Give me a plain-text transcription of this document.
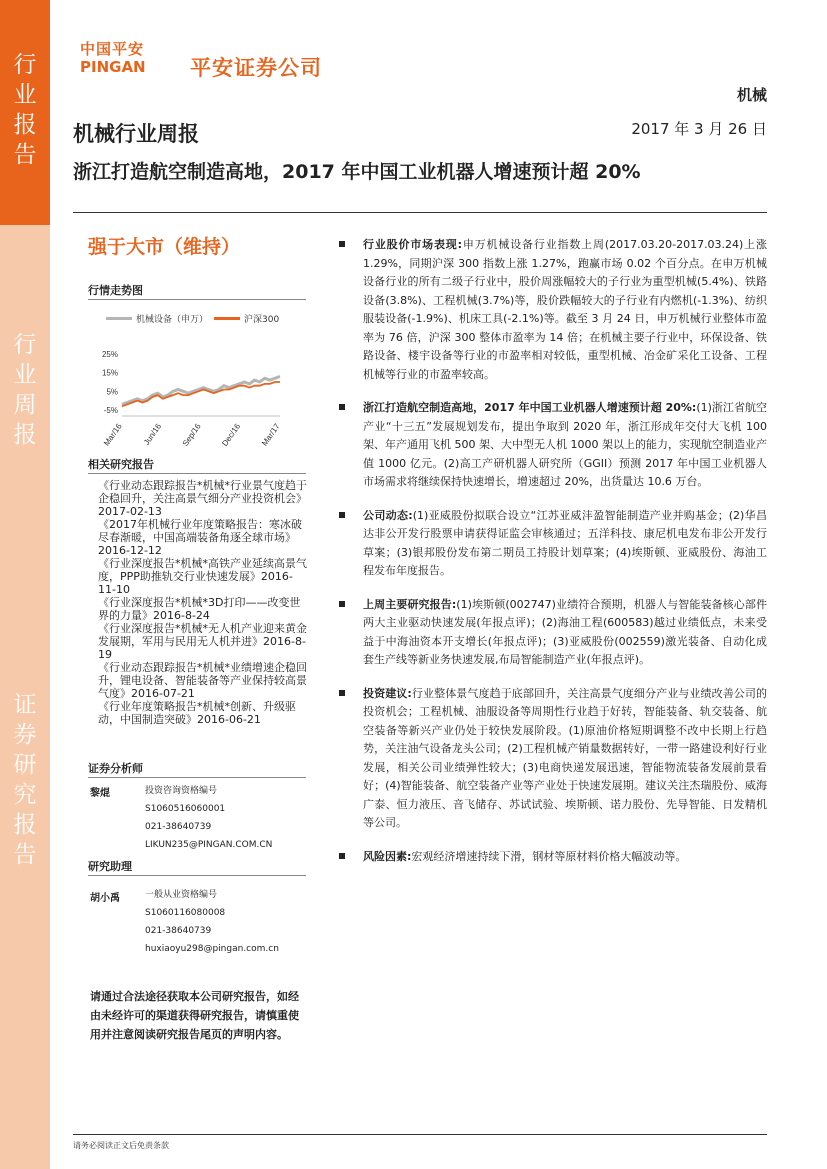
行
业
报
告
行
业
周
报
证
券
研
究
报
告
中国平安
PINGAN 平安证券公司
机械
2017 年 3 月 26 日
机械行业周报
浙江打造航空制造高地，2017 年中国工业机器人增速预计超 20%
强于大市（维持）
行情走势图
机械设备（申万）	沪深300
25%
15%
5%
-5%
Mar/16 Jun/16 Sep/16 Dec/16 Mar/17
相关研究报告
《行业动态跟踪报告*机械*行业景气度趋于企稳回升，关注高景气细分产业投资机会》
2017-02-13
《2017年机械行业年度策略报告：寒冰破尽春渐暖，中国高端装备角逐全球市场》2016-12-12
《行业深度报告*机械*高铁产业延续高景气度，PPP助推轨交行业快速发展》2016-11-10
《行业深度报告*机械*3D打印——改变世界的力量》2016-8-24
《行业深度报告*机械*无人机产业迎来黄金发展期，军用与民用无人机并进》2016-8-19
《行业动态跟踪报告*机械*业绩增速企稳回升，锂电设备、智能装备等产业保持较高景气度》2016-07-21
《行业年度策略报告*机械*创新、升级驱动，中国制造突破》2016-06-21
证券分析师
黎焜	投资咨询资格编号
S1060516060001
021-38640739
LIKUN235@PINGAN.COM.CN
研究助理
胡小禹	一般从业资格编号
S1060116080008
021-38640739
huxiaoyu298@pingan.com.cn
请通过合法途径获取本公司研究报告，如经由未经许可的渠道获得研究报告，请慎重使用并注意阅读研究报告尾页的声明内容。
行业股价市场表现:申万机械设备行业指数上周(2017.03.20-2017.03.24)上涨 1.29%，同期沪深 300 指数上涨 1.27%，跑赢市场 0.02 个百分点。在申万机械设备行业的所有二级子行业中，股价周涨幅较大的子行业为重型机械(5.4%)、铁路设备(3.8%)、工程机械(3.7%)等，股价跌幅较大的子行业有内燃机(-1.3%)、纺织服装设备(-1.9%)、机床工具(-2.1%)等。截至 3 月 24 日，申万机械行业整体市盈率为 76 倍，沪深 300 整体市盈率为 14 倍；在机械主要子行业中，环保设备、铁路设备、楼宇设备等行业的市盈率相对较低，重型机械、冶金矿采化工设备、工程机械等行业的市盈率较高。
浙江打造航空制造高地，2017 年中国工业机器人增速预计超 20%:(1)浙江省航空产业“十三五”发展规划发布，提出争取到 2020 年，浙江形成年交付大飞机 100 架、年产通用飞机 500 架、大中型无人机 1000 架以上的能力，实现航空制造业产值 1000 亿元。(2)高工产研机器人研究所（GGII）预测 2017 年中国工业机器人市场需求将继续保持快速增长，增速超过 20%，出货量达 10.6 万台。
公司动态:(1)亚威股份拟联合设立“江苏亚威沣盈智能制造产业并购基金；(2)华昌达非公开发行股票申请获得证监会审核通过；五洋科技、康尼机电发布非公开发行草案；(3)银邦股份发布第二期员工持股计划草案；(4)埃斯顿、亚威股份、海油工程发布年度报告。
上周主要研究报告:(1)埃斯顿(002747)业绩符合预期，机器人与智能装备核心部件两大主业驱动快速发展(年报点评)；(2)海油工程(600583)越过业绩低点，未来受益于中海油资本开支增长(年报点评)；(3)亚威股份(002559)激光装备、自动化成套生产线等新业务快速发展,布局智能制造产业(年报点评)。
投资建议:行业整体景气度趋于底部回升，关注高景气度细分产业与业绩改善公司的投资机会；工程机械、油服设备等周期性行业趋于好转，智能装备、轨交装备、航空装备等新兴产业仍处于较快发展阶段。(1)原油价格短期调整不改中长期上行趋势，关注油气设备龙头公司；(2)工程机械产销量数据转好，一带一路建设利好行业发展，相关公司业绩弹性较大；(3)电商快递发展迅速，智能物流装备发展前景看好；(4)智能装备、航空装备产业等产业处于快速发展期。建议关注杰瑞股份、威海广泰、恒力液压、音飞储存、苏试试验、埃斯顿、诺力股份、先导智能、日发精机等公司。
风险因素:宏观经济增速持续下滑，钢材等原材料价格大幅波动等。
请务必阅读正文后免责条款
